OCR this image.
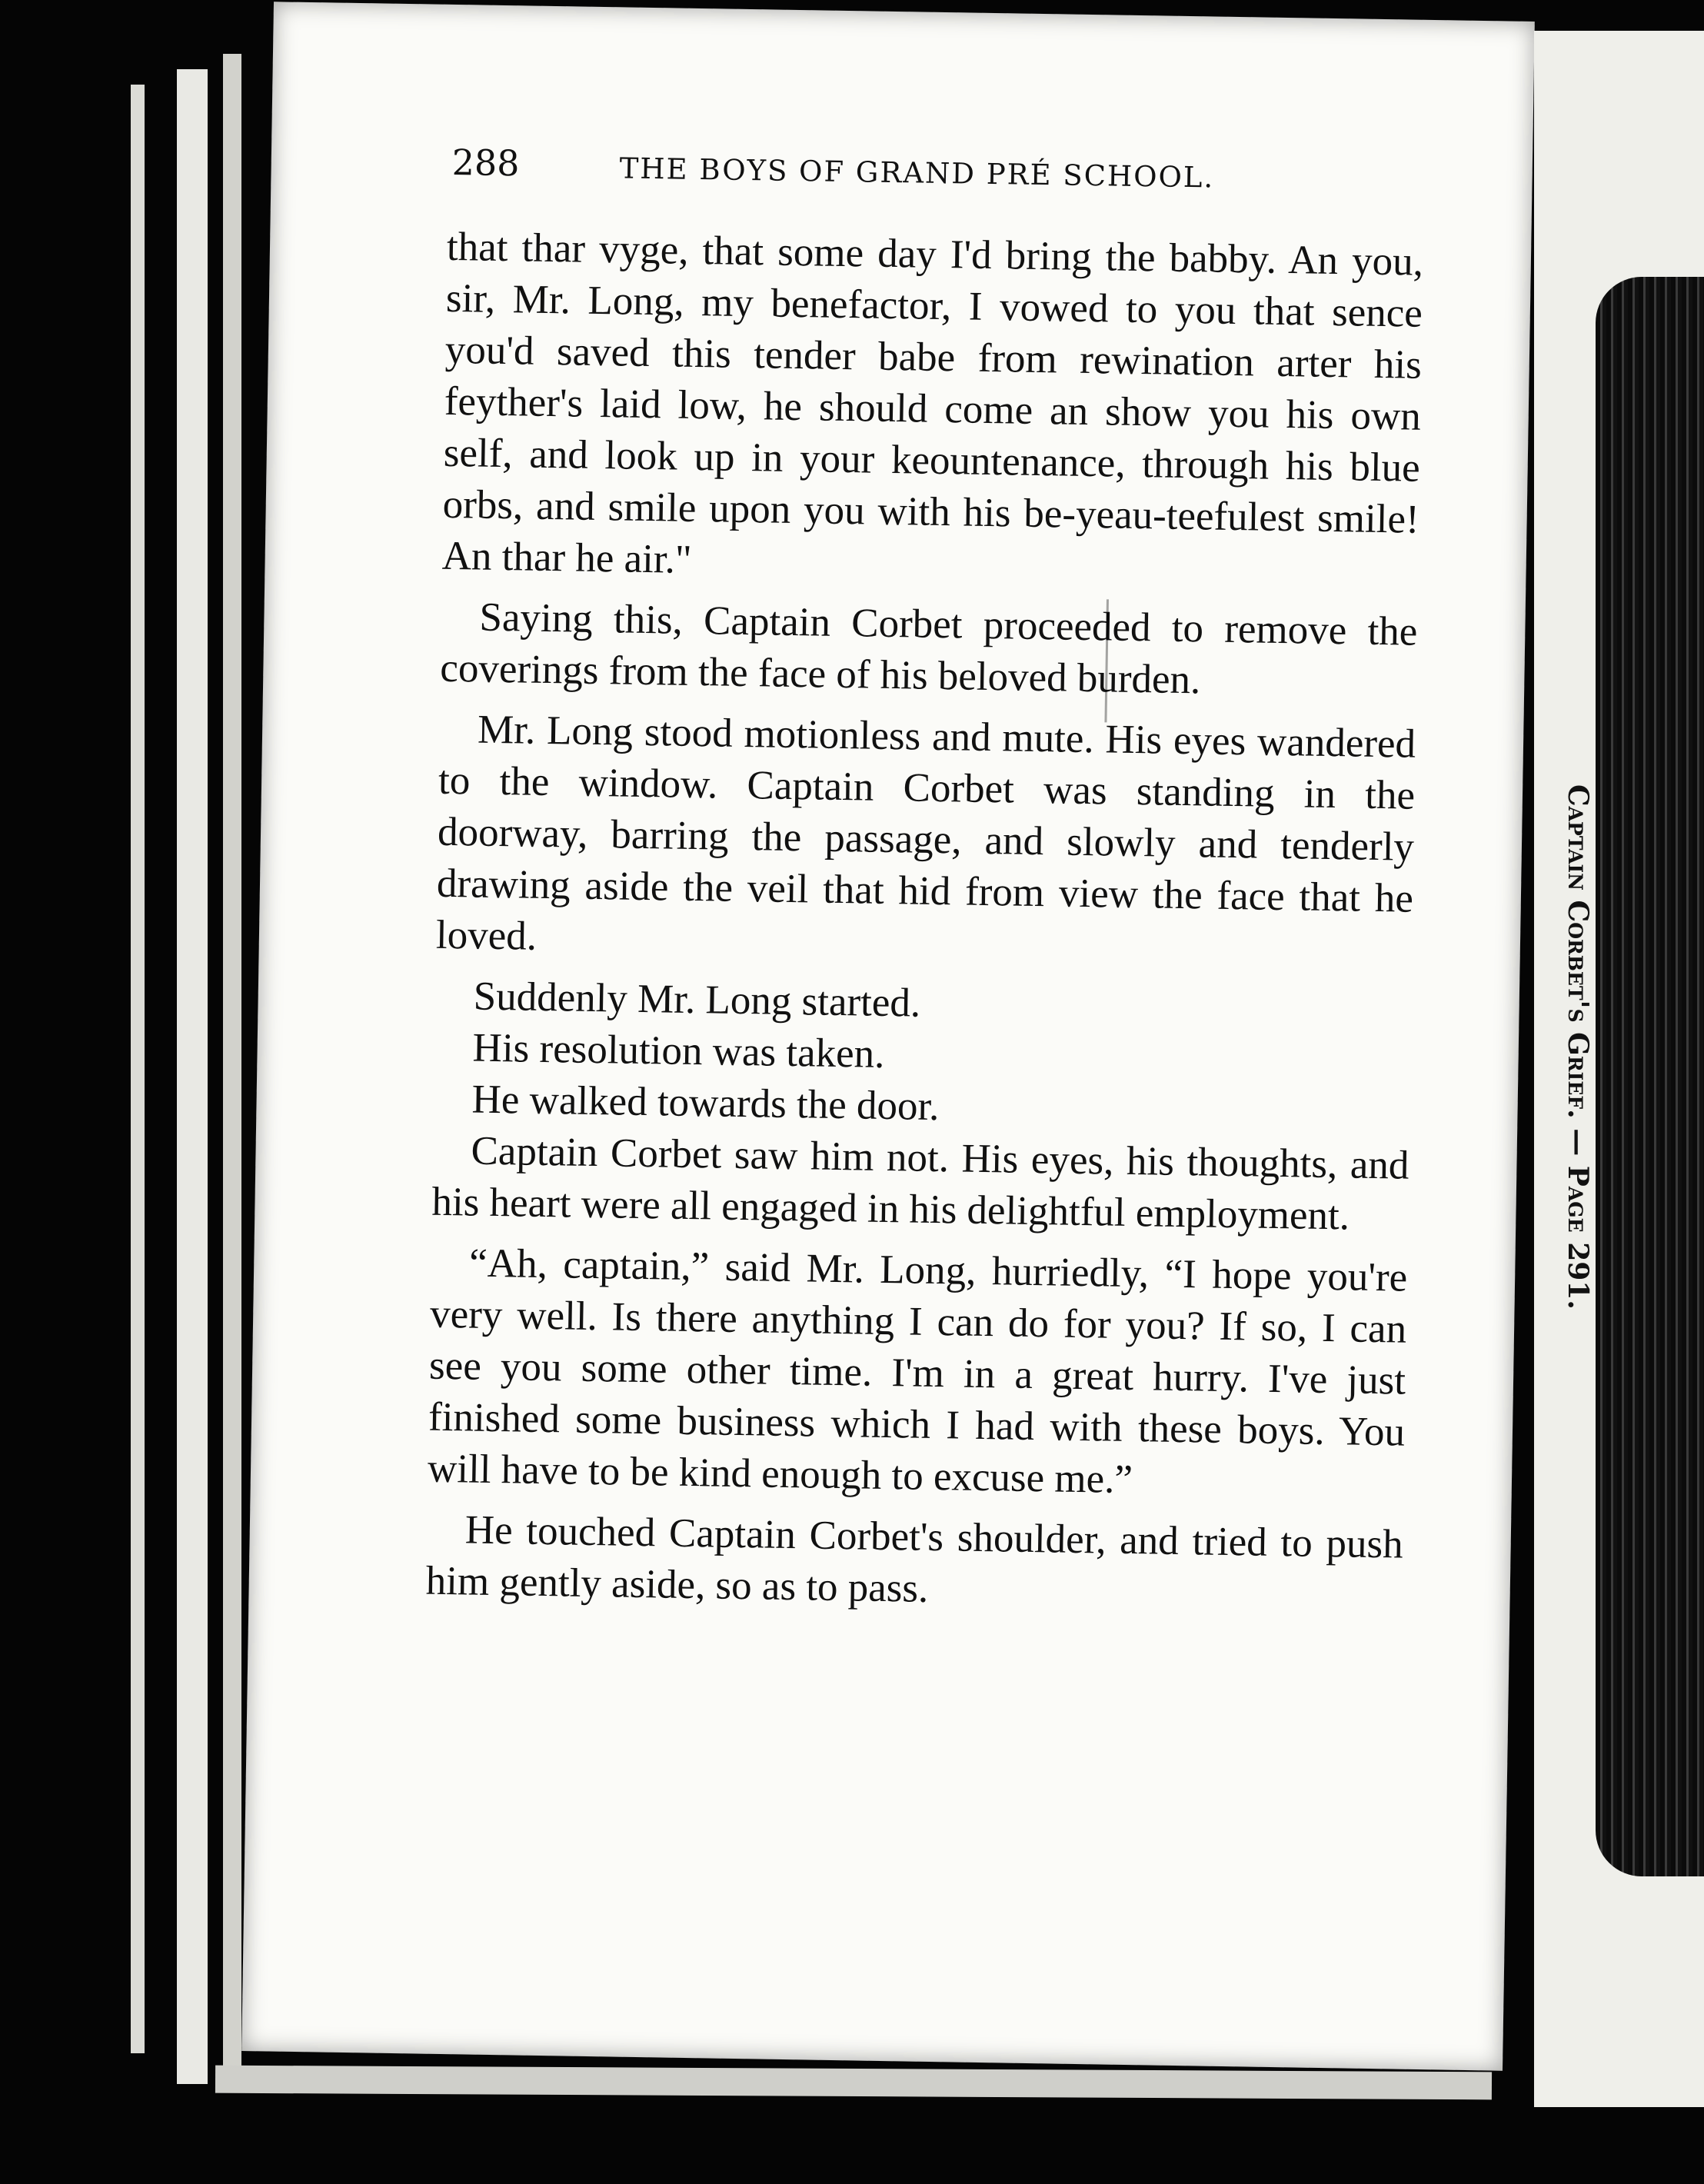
288	THE BOYS OF GRAND PRÉ SCHOOL.

that thar vyge, that some day I'd bring the babby. An you, sir, Mr. Long, my benefactor, I vowed to you that sence you'd saved this tender babe from rewination arter his feyther's laid low, he should come an show you his own self, and look up in your keountenance, through his blue orbs, and smile upon you with his be-yeau-teefulest smile! An thar he air."

Saying this, Captain Corbet proceeded to remove the coverings from the face of his beloved burden.

Mr. Long stood motionless and mute. His eyes wandered to the window. Captain Corbet was standing in the doorway, barring the passage, and slowly and tenderly drawing aside the veil that hid from view the face that he loved.

Suddenly Mr. Long started.

His resolution was taken.

He walked towards the door.

Captain Corbet saw him not. His eyes, his thoughts, and his heart were all engaged in his delightful employment.

“Ah, captain,” said Mr. Long, hurriedly, “I hope you're very well. Is there anything I can do for you? If so, I can see you some other time. I'm in a great hurry. I've just finished some business which I had with these boys. You will have to be kind enough to excuse me.”

He touched Captain Corbet's shoulder, and tried to push him gently aside, so as to pass.

Captain Corbet's Grief. — Page 291.
